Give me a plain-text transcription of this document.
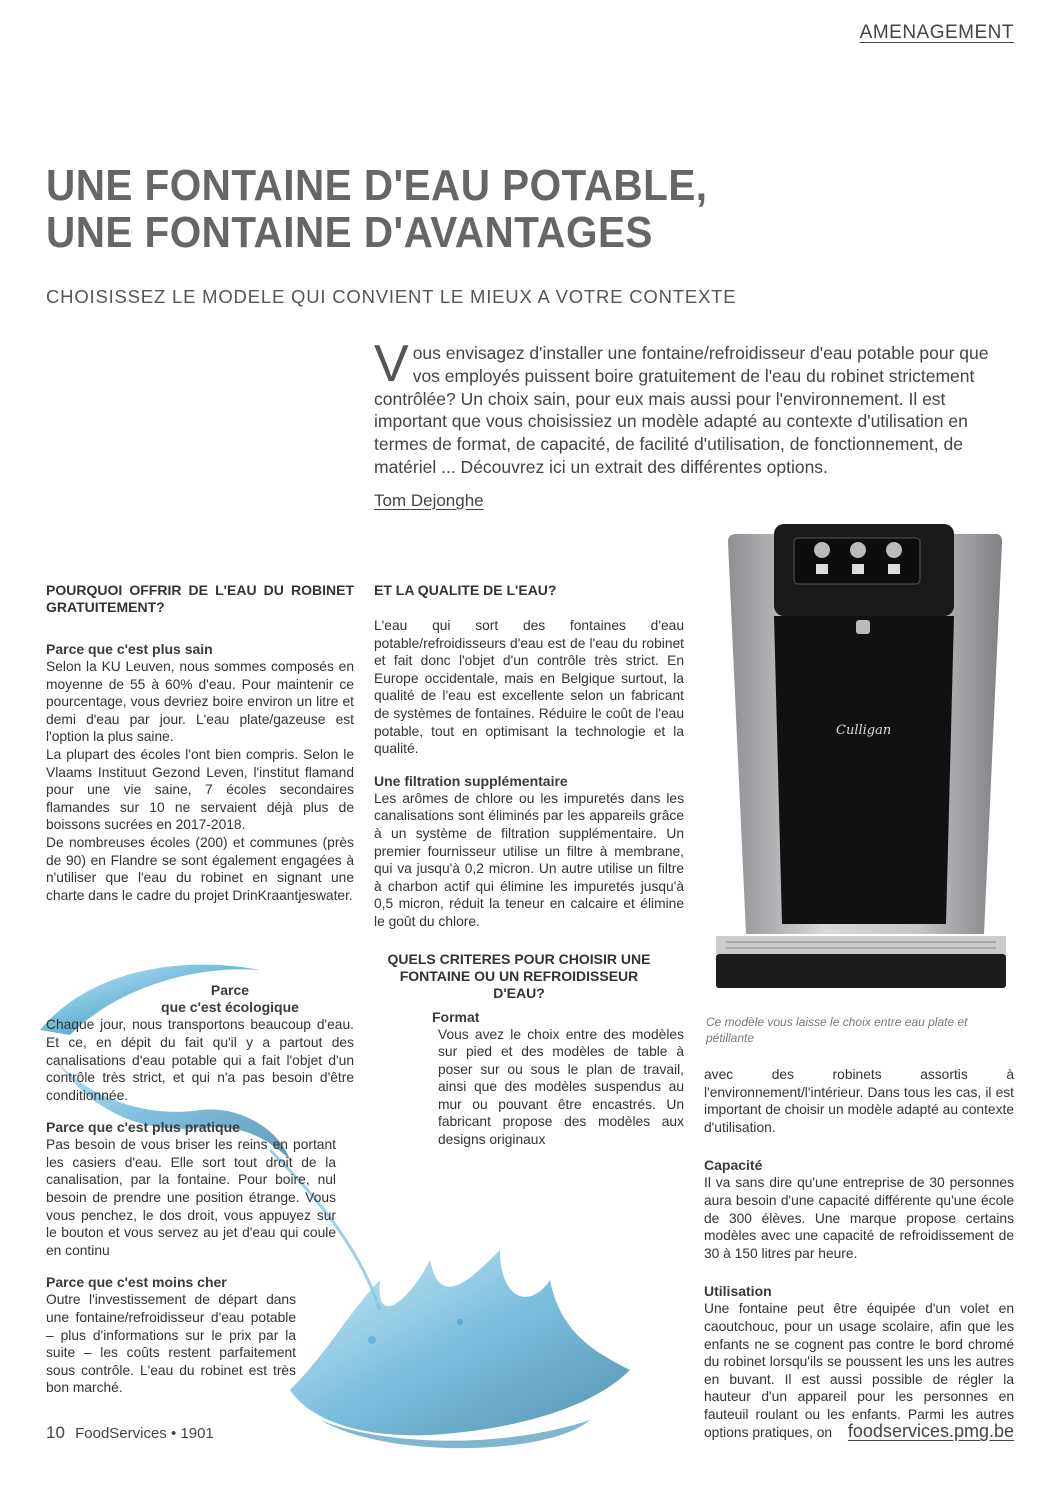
AMENAGEMENT
UNE FONTAINE D'EAU POTABLE,
UNE FONTAINE D'AVANTAGES
CHOISISSEZ LE MODELE QUI CONVIENT LE MIEUX A VOTRE CONTEXTE
Vous envisagez d'installer une fontaine/refroidisseur d'eau potable pour que vos employés puissent boire gratuitement de l'eau du robinet strictement contrôlée? Un choix sain, pour eux mais aussi pour l'environnement. Il est important que vous choisissiez un modèle adapté au contexte d'utilisation en termes de format, de capacité, de facilité d'utilisation, de fonctionnement, de matériel ... Découvrez ici un extrait des différentes options.
Tom Dejonghe
POURQUOI OFFRIR DE L'EAU DU ROBINET GRATUITEMENT?
Parce que c'est plus sain

Selon la KU Leuven, nous sommes composés en moyenne de 55 à 60% d'eau. Pour maintenir ce pourcentage, vous devriez boire environ un litre et demi d'eau par jour. L'eau plate/gazeuse est l'option la plus saine.

La plupart des écoles l'ont bien compris. Selon le Vlaams Instituut Gezond Leven, l'institut flamand pour une vie saine, 7 écoles secondaires flamandes sur 10 ne servaient déjà plus de boissons sucrées en 2017-2018.

De nombreuses écoles (200) et communes (près de 90) en Flandre se sont également engagées à n'utiliser que l'eau du robinet en signant une charte dans le cadre du projet DrinKraantjeswater.

Parce
que c'est écologique

Chaque jour, nous transportons beaucoup d'eau. Et ce, en dépit du fait qu'il y a partout des canalisations d'eau potable qui a fait l'objet d'un contrôle très strict, et qui n'a pas besoin d'être conditionnée.

Parce que c'est plus pratique

Pas besoin de vous briser les reins en portant les casiers d'eau. Elle sort tout droit de la canalisation, par la fontaine. Pour boire, nul besoin de prendre une position étrange. Vous vous penchez, le dos droit, vous appuyez sur le bouton et vous servez au jet d'eau qui coule en continu

Parce que c'est moins cher

Outre l'investissement de départ dans une fontaine/refroidisseur d'eau potable – plus d'informations sur le prix par la suite – les coûts restent parfaitement sous contrôle. L'eau du robinet est très bon marché.

ET LA QUALITE DE L'EAU?

L'eau qui sort des fontaines d'eau potable/refroidisseurs d'eau est de l'eau du robinet et fait donc l'objet d'un contrôle très strict. En Europe occidentale, mais en Belgique surtout, la qualité de l'eau est excellente selon un fabricant de systèmes de fontaines. Réduire le coût de l'eau potable, tout en optimisant la technologie et la qualité.

Une filtration supplémentaire

Les arômes de chlore ou les impuretés dans les canalisations sont éliminés par les appareils grâce à un système de filtration supplémentaire. Un premier fournisseur utilise un filtre à membrane, qui va jusqu'à 0,2 micron. Un autre utilise un filtre à charbon actif qui élimine les impuretés jusqu'à 0,5 micron, réduit la teneur en calcaire et élimine le goût du chlore.

QUELS CRITERES POUR CHOISIR UNE FONTAINE OU UN REFROIDISSEUR D'EAU?
Format

Vous avez le choix entre des modèles sur pied et des modèles de table à poser sur ou sous le plan de travail, ainsi que des modèles suspendus au mur ou pouvant être encastrés. Un fabricant propose des modèles aux designs originaux

Culligan
Ce modèle vous laisse le choix entre eau plate et pétillante

avec des robinets assortis à l'environnement/l'intérieur. Dans tous les cas, il est important de choisir un modèle adapté au contexte d'utilisation.

Capacité

Il va sans dire qu'une entreprise de 30 personnes aura besoin d'une capacité différente qu'une école de 300 élèves. Une marque propose certains modèles avec une capacité de refroidissement de 30 à 150 litres par heure.

Utilisation

Une fontaine peut être équipée d'un volet en caoutchouc, pour un usage scolaire, afin que les enfants ne se cognent pas contre le bord chromé du robinet lorsqu'ils se poussent les uns les autres en buvant. Il est aussi possible de régler la hauteur d'un appareil pour les personnes en fauteuil roulant ou les enfants. Parmi les autres options pratiques, on

10 FoodServices • 1901	foodservices.pmg.be
